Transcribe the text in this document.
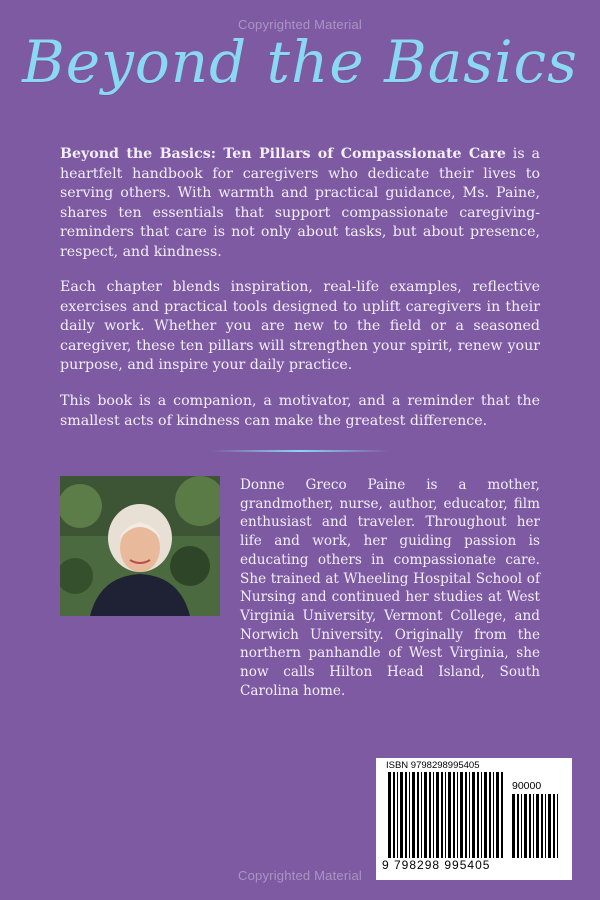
Copyrighted Material
Beyond the Basics
Beyond the Basics: Ten Pillars of Compassionate Care is a heartfelt handbook for caregivers who dedicate their lives to serving others. With warmth and practical guidance, Ms. Paine, shares ten essentials that support compassionate caregiving-reminders that care is not only about tasks, but about presence, respect, and kindness.
Each chapter blends inspiration, real-life examples, reflective exercises and practical tools designed to uplift caregivers in their daily work. Whether you are new to the field or a seasoned caregiver, these ten pillars will strengthen your spirit, renew your purpose, and inspire your daily practice.
This book is a companion, a motivator, and a reminder that the smallest acts of kindness can make the greatest difference.
Donne Greco Paine is a mother, grandmother, nurse, author, educator, film enthusiast and traveler. Throughout her life and work, her guiding passion is educating others in compassionate care. She trained at Wheeling Hospital School of Nursing and continued her studies at West Virginia University, Vermont College, and Norwich University. Originally from the northern panhandle of West Virginia, she now calls Hilton Head Island, South Carolina home.
ISBN 9798298995405
90000
9 798298 995405
Copyrighted Material
